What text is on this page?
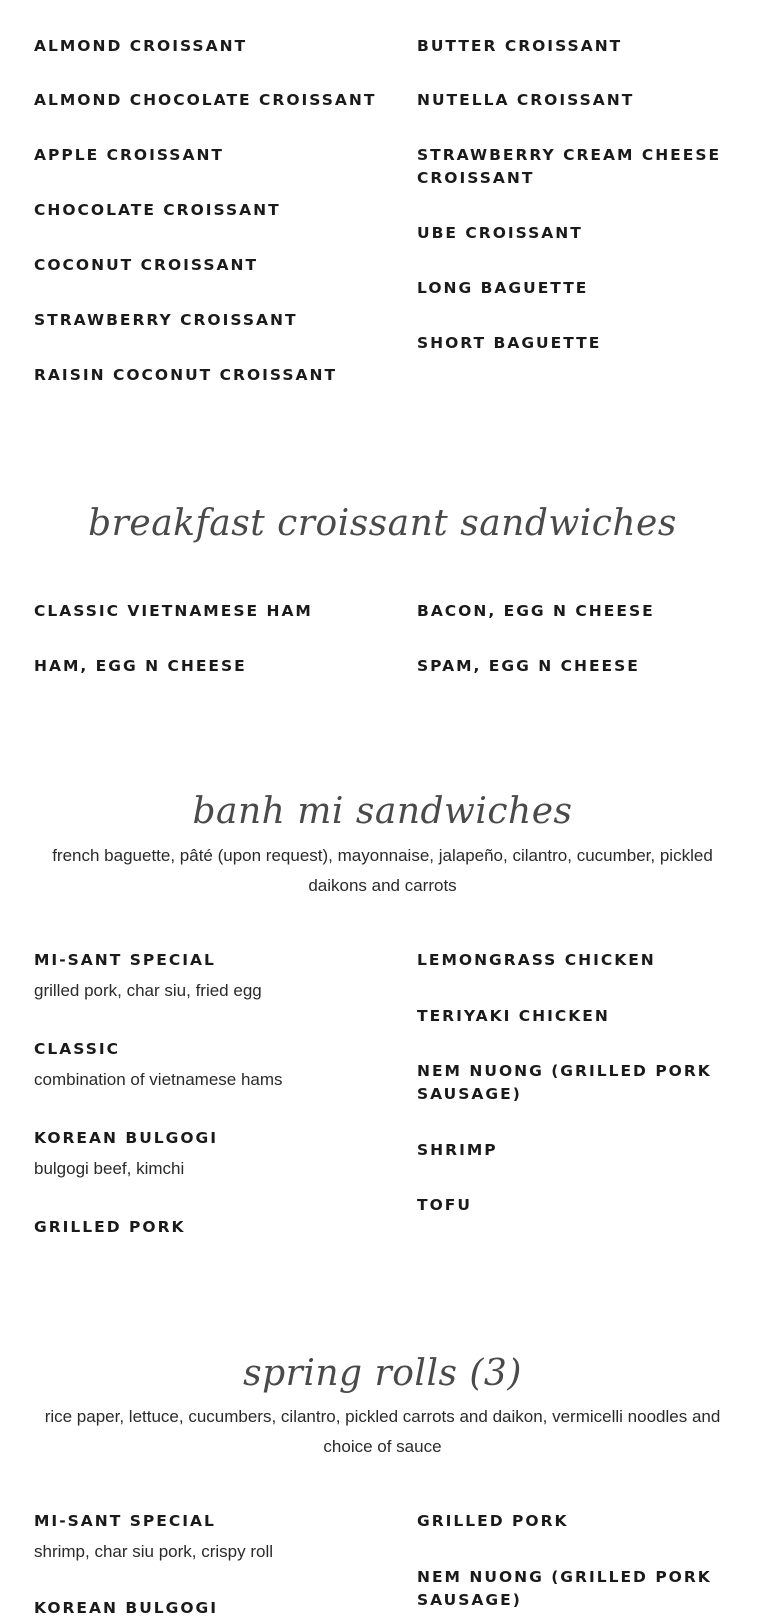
ALMOND CROISSANT
ALMOND CHOCOLATE CROISSANT
APPLE CROISSANT
CHOCOLATE CROISSANT
COCONUT CROISSANT
STRAWBERRY CROISSANT
RAISIN COCONUT CROISSANT
BUTTER CROISSANT
NUTELLA CROISSANT
STRAWBERRY CREAM CHEESE CROISSANT
UBE CROISSANT
LONG BAGUETTE
SHORT BAGUETTE
breakfast croissant sandwiches
CLASSIC VIETNAMESE HAM
HAM, EGG N CHEESE
BACON, EGG N CHEESE
SPAM, EGG N CHEESE
banh mi sandwiches
french baguette, pâté (upon request), mayonnaise, jalapeño, cilantro, cucumber, pickled daikons and carrots
MI-SANT SPECIAL
grilled pork, char siu, fried egg
CLASSIC
combination of vietnamese hams
KOREAN BULGOGI
bulgogi beef, kimchi
GRILLED PORK
LEMONGRASS CHICKEN
TERIYAKI CHICKEN
NEM NUONG (GRILLED PORK SAUSAGE)
SHRIMP
TOFU
spring rolls (3)
rice paper, lettuce, cucumbers, cilantro, pickled carrots and daikon, vermicelli noodles and choice of sauce
MI-SANT SPECIAL
shrimp, char siu pork, crispy roll
KOREAN BULGOGI
GRILLED PORK
NEM NUONG (GRILLED PORK SAUSAGE)
